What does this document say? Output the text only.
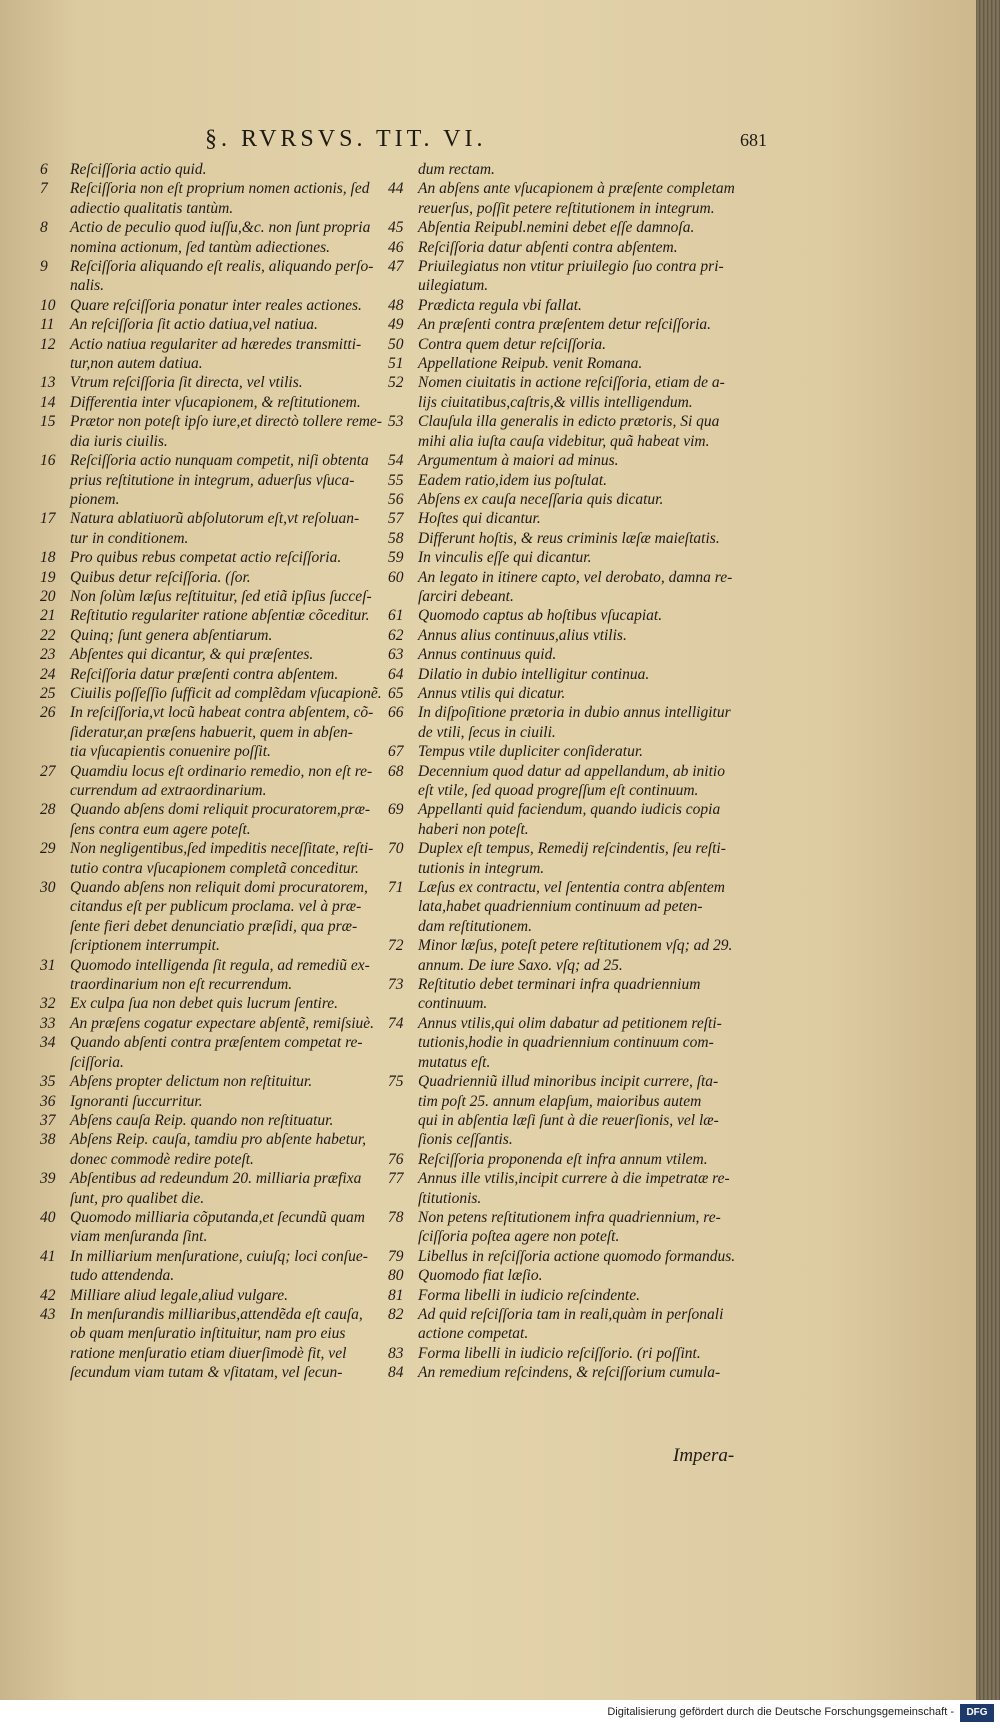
§. RVRSVS. TIT. VI.	681
6	Reſciſſoria actio quid.
7	Reſciſſoria non eſt proprium nomen actionis, ſed
adiectio qualitatis tantùm.
8	Actio de peculio quod iuſſu,&c. non ſunt propria
nomina actionum, ſed tantùm adiectiones.
9	Reſciſſoria aliquando eſt realis, aliquando perſo-
nalis.
10 Quare reſciſſoria ponatur inter reales actiones.
11	An reſciſſoria ſit actio datiua,vel natiua.
12 Actio natiua regulariter ad hæredes transmitti-
tur,non autem datiua.
13 Vtrum reſciſſoria ſit directa, vel vtilis.
14 Differentia inter vſucapionem, & reſtitutionem.
15 Prætor non poteſt ipſo iure,et directò tollere reme-
dia iuris ciuilis.
16 Reſciſſoria actio nunquam competit, niſi obtenta
prius reſtitutione in integrum, aduerſus vſuca-
pionem.
17 Natura ablatiuorũ abſolutorum eſt,vt reſoluan-
tur in conditionem.
18 Pro quibus rebus competat actio reſciſſoria.
19 Quibus detur reſciſſoria. (ſor.
20 Non ſolùm læſus reſtituitur, ſed etiã ipſius ſucceſ-
21 Reſtitutio regulariter ratione abſentiæ cõceditur.
22 Quinq; ſunt genera abſentiarum.
23 Abſentes qui dicantur, & qui præſentes.
24 Reſciſſoria datur præſenti contra abſentem.
25 Ciuilis poſſeſſio ſufficit ad complẽdam vſucapionẽ.
26 In reſciſſoria,vt locũ habeat contra abſentem, cõ-
ſideratur,an præſens habuerit, quem in abſen-
tia vſucapientis conuenire poſſit.
27 Quamdiu locus eſt ordinario remedio, non eſt re-
currendum ad extraordinarium.
28 Quando abſens domi reliquit procuratorem,præ-
ſens contra eum agere poteſt.
29 Non negligentibus,ſed impeditis neceſſitate, reſti-
tutio contra vſucapionem completã conceditur.
30 Quando abſens non reliquit domi procuratorem,
citandus eſt per publicum proclama. vel à præ-
ſente fieri debet denunciatio præſidi, qua præ-
ſcriptionem interrumpit.
31 Quomodo intelligenda ſit regula, ad remediũ ex-
traordinarium non eſt recurrendum.
32 Ex culpa ſua non debet quis lucrum ſentire.
33 An præſens cogatur expectare abſentẽ, remiſsiuè.
34 Quando abſenti contra præſentem competat re-
ſciſſoria.
35 Abſens propter delictum non reſtituitur.
36 Ignoranti ſuccurritur.
37 Abſens cauſa Reip. quando non reſtituatur.
38 Abſens Reip. cauſa, tamdiu pro abſente habetur,
donec commodè redire poteſt.
39 Abſentibus ad redeundum 20. milliaria præfixa
ſunt, pro qualibet die.
40 Quomodo milliaria cõputanda,et ſecundũ quam
viam menſuranda ſint.
41 In milliarium menſuratione, cuiuſq; loci conſue-
tudo attendenda.
42 Milliare aliud legale,aliud vulgare.
43 In menſurandis milliaribus,attendẽda eſt cauſa,
ob quam menſuratio inſtituitur, nam pro eius
ratione menſuratio etiam diuerſimodè fit, vel
ſecundum viam tutam & vſitatam, vel ſecun-
dum rectam.
44 An abſens ante vſucapionem à præſente completam
reuerſus, poſſit petere reſtitutionem in integrum.
45 Abſentia Reipubl.nemini debet eſſe damnoſa.
46 Reſciſſoria datur abſenti contra abſentem.
47 Priuilegiatus non vtitur priuilegio ſuo contra pri-
uilegiatum.
48 Prædicta regula vbi fallat.
49 An præſenti contra præſentem detur reſciſſoria.
50 Contra quem detur reſciſſoria.
51 Appellatione Reipub. venit Romana.
52 Nomen ciuitatis in actione reſciſſoria, etiam de a-
lijs ciuitatibus,caſtris,& villis intelligendum.
53 Clauſula illa generalis in edicto prætoris, Si qua
mihi alia iuſta cauſa videbitur, quã habeat vim.
54 Argumentum à maiori ad minus.
55 Eadem ratio,idem ius poſtulat.
56 Abſens ex cauſa neceſſaria quis dicatur.
57 Hoſtes qui dicantur.
58 Differunt hoſtis, & reus criminis læſæ maieſtatis.
59 In vinculis eſſe qui dicantur.
60 An legato in itinere capto, vel derobato, damna re-
ſarciri debeant.
61 Quomodo captus ab hoſtibus vſucapiat.
62 Annus alius continuus,alius vtilis.
63 Annus continuus quid.
64 Dilatio in dubio intelligitur continua.
65 Annus vtilis qui dicatur.
66 In diſpoſitione prætoria in dubio annus intelligitur
de vtili, ſecus in ciuili.
67 Tempus vtile dupliciter conſideratur.
68 Decennium quod datur ad appellandum, ab initio
eſt vtile, ſed quoad progreſſum eſt continuum.
69 Appellanti quid faciendum, quando iudicis copia
haberi non poteſt.
70 Duplex eſt tempus, Remedij reſcindentis, ſeu reſti-
tutionis in integrum.
71 Læſus ex contractu, vel ſententia contra abſentem
lata,habet quadriennium continuum ad peten-
dam reſtitutionem.
72 Minor læſus, poteſt petere reſtitutionem vſq; ad 29.
annum. De iure Saxo. vſq; ad 25.
73 Reſtitutio debet terminari infra quadriennium
continuum.
74 Annus vtilis,qui olim dabatur ad petitionem reſti-
tutionis,hodie in quadriennium continuum com-
mutatus eſt.
75 Quadrienniũ illud minoribus incipit currere, ſta-
tim poſt 25. annum elapſum, maioribus autem
qui in abſentia læſi ſunt à die reuerſionis, vel læ-
ſionis ceſſantis.
76 Reſciſſoria proponenda eſt infra annum vtilem.
77 Annus ille vtilis,incipit currere à die impetratæ re-
ſtitutionis.
78 Non petens reſtitutionem infra quadriennium, re-
ſciſſoria poſtea agere non poteſt.
79 Libellus in reſciſſoria actione quomodo formandus.
80 Quomodo fiat læſio.
81 Forma libelli in iudicio reſcindente.
82 Ad quid reſciſſoria tam in reali,quàm in perſonali
actione competat.
83 Forma libelli in iudicio reſciſſorio. (ri poſſint.
84 An remedium reſcindens, & reſciſſorium cumula-
Impera-
Digitalisierung gefördert durch die Deutsche Forschungsgemeinschaft -	DFG
